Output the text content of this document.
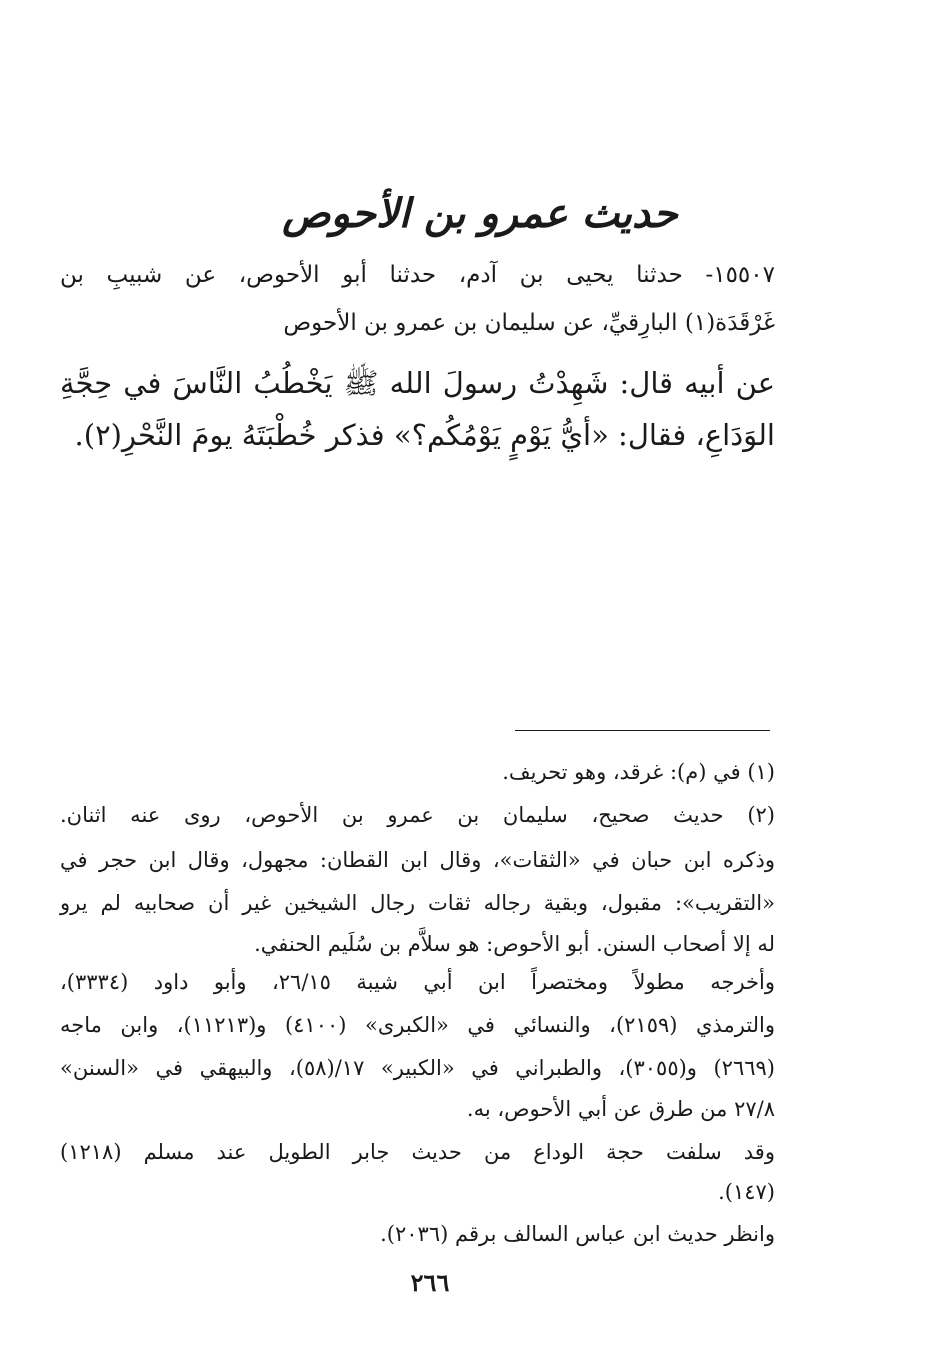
حديث عمرو بن الأحوص
١٥٥٠٧- حدثنا يحيى بن آدم، حدثنا أبو الأحوص، عن شبيبِ بن
غَرْقَدَة(١) البارِقيِّ، عن سليمان بن عمرو بن الأحوص
عن أبيه قال: شَهِدْتُ رسولَ الله ﷺ يَخْطُبُ النَّاسَ في حِجَّةِ
الوَدَاعِ، فقال: «أيُّ يَوْمٍ يَوْمُكُم؟» فذكر خُطْبَتَهُ يومَ النَّحْرِ(٢).
(١) في (م): غرقد، وهو تحريف.
(٢) حديث صحيح، سليمان بن عمرو بن الأحوص، روى عنه اثنان.
وذكره ابن حبان في «الثقات»، وقال ابن القطان: مجهول، وقال ابن حجر في
«التقريب»: مقبول، وبقية رجاله ثقات رجال الشيخين غير أن صحابيه لم يرو
له إلا أصحاب السنن. أبو الأحوص: هو سلاَّم بن سُلَيم الحنفي.
وأخرجه مطولاً ومختصراً ابن أبي شيبة ٢٦/١٥، وأبو داود (٣٣٣٤)،
والترمذي (٢١٥٩)، والنسائي في «الكبرى» (٤١٠٠) و(١١٢١٣)، وابن ماجه
(٢٦٦٩) و(٣٠٥٥)، والطبراني في «الكبير» ١٧/(٥٨)، والبيهقي في «السنن»
٢٧/٨ من طرق عن أبي الأحوص، به.
وقد سلفت حجة الوداع من حديث جابر الطويل عند مسلم (١٢١٨)
(١٤٧).
وانظر حديث ابن عباس السالف برقم (٢٠٣٦).
٢٦٦
